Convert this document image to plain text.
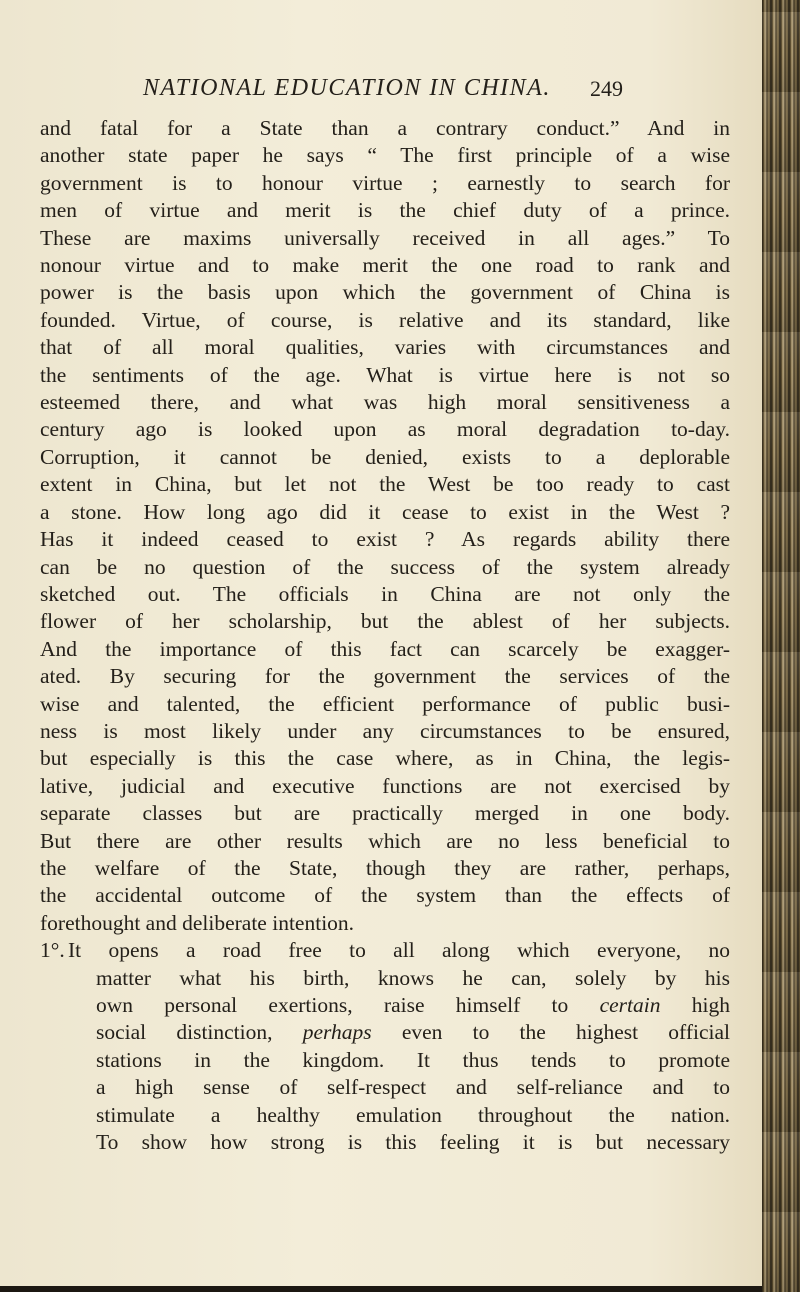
NATIONAL EDUCATION IN CHINA.	249
and fatal for a State than a contrary conduct.” And in
another state paper he says “ The first principle of a wise
government is to honour virtue ; earnestly to search for
men of virtue and merit is the chief duty of a prince.
These are maxims universally received in all ages.” To
nonour virtue and to make merit the one road to rank and
power is the basis upon which the government of China is
founded. Virtue, of course, is relative and its standard, like
that of all moral qualities, varies with circumstances and
the sentiments of the age. What is virtue here is not so
esteemed there, and what was high moral sensitiveness a
century ago is looked upon as moral degradation to-day.
Corruption, it cannot be denied, exists to a deplorable
extent in China, but let not the West be too ready to cast
a stone. How long ago did it cease to exist in the West ?
Has it indeed ceased to exist ? As regards ability there
can be no question of the success of the system already
sketched out. The officials in China are not only the
flower of her scholarship, but the ablest of her subjects.
And the importance of this fact can scarcely be exagger-
ated. By securing for the government the services of the
wise and talented, the efficient performance of public busi-
ness is most likely under any circumstances to be ensured,
but especially is this the case where, as in China, the legis-
lative, judicial and executive functions are not exercised by
separate classes but are practically merged in one body.
But there are other results which are no less beneficial to
the welfare of the State, though they are rather, perhaps,
the accidental outcome of the system than the effects of
forethought and deliberate intention.
1°. It opens a road free to all along which everyone, no
matter what his birth, knows he can, solely by his
own personal exertions, raise himself to certain high
social distinction, perhaps even to the highest official
stations in the kingdom. It thus tends to promote
a high sense of self-respect and self-reliance and to
stimulate a healthy emulation throughout the nation.
To show how strong is this feeling it is but necessary
